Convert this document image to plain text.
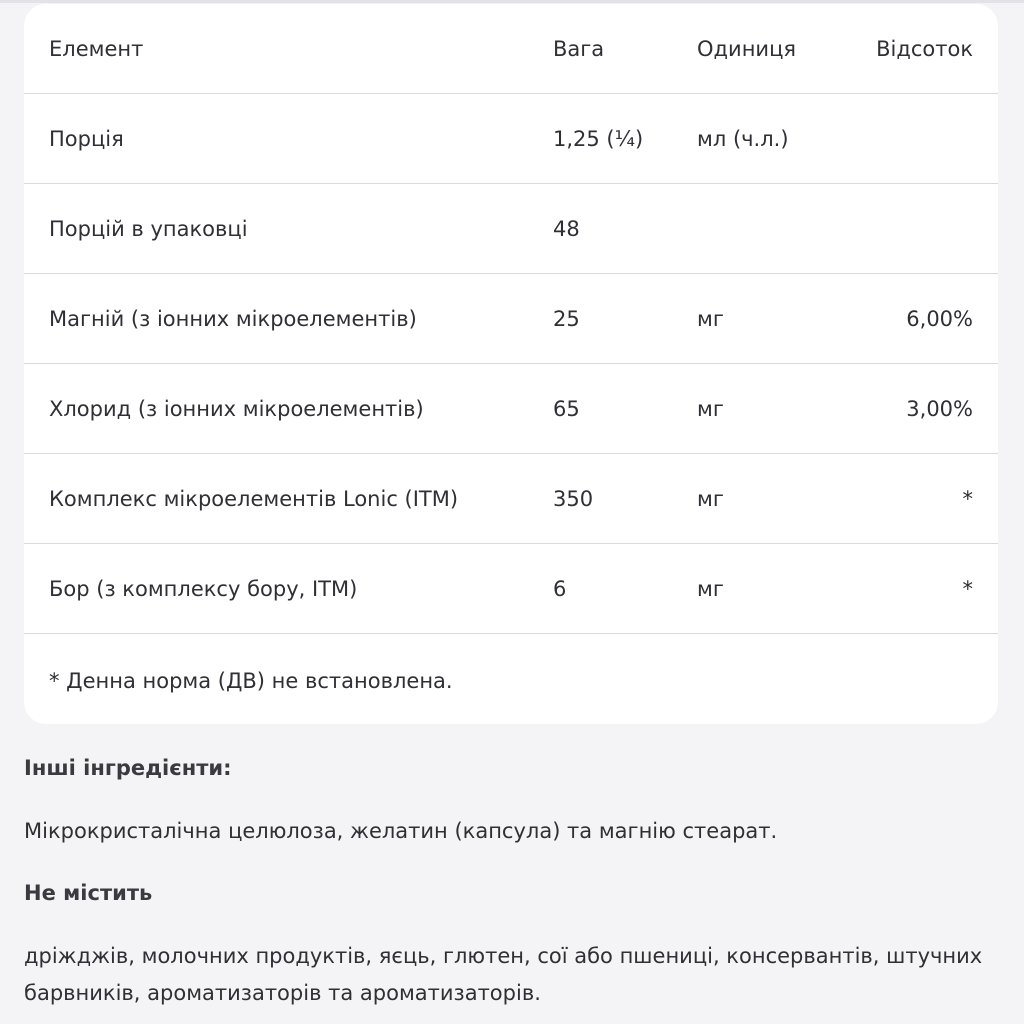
Елемент	Вага	Одиниця	Відсоток
Порція	1,25 (¼)	мл (ч.л.)
Порцій в упаковці	48
Магній (з іонних мікроелементів)	25	мг	6,00%
Хлорид (з іонних мікроелементів)	65	мг	3,00%
Комплекс мікроелементів Lonic (ITM)	350	мг	*
Бор (з комплексу бору, ITM)	6	мг	*
* Денна норма (ДВ) не встановлена.
Інші інгредієнти:
Мікрокристалічна целюлоза, желатин (капсула) та магнію стеарат.
Не містить
дріжджів, молочних продуктів, яєць, глютен, сої або пшениці, консервантів, штучних барвників, ароматизаторів та ароматизаторів.
